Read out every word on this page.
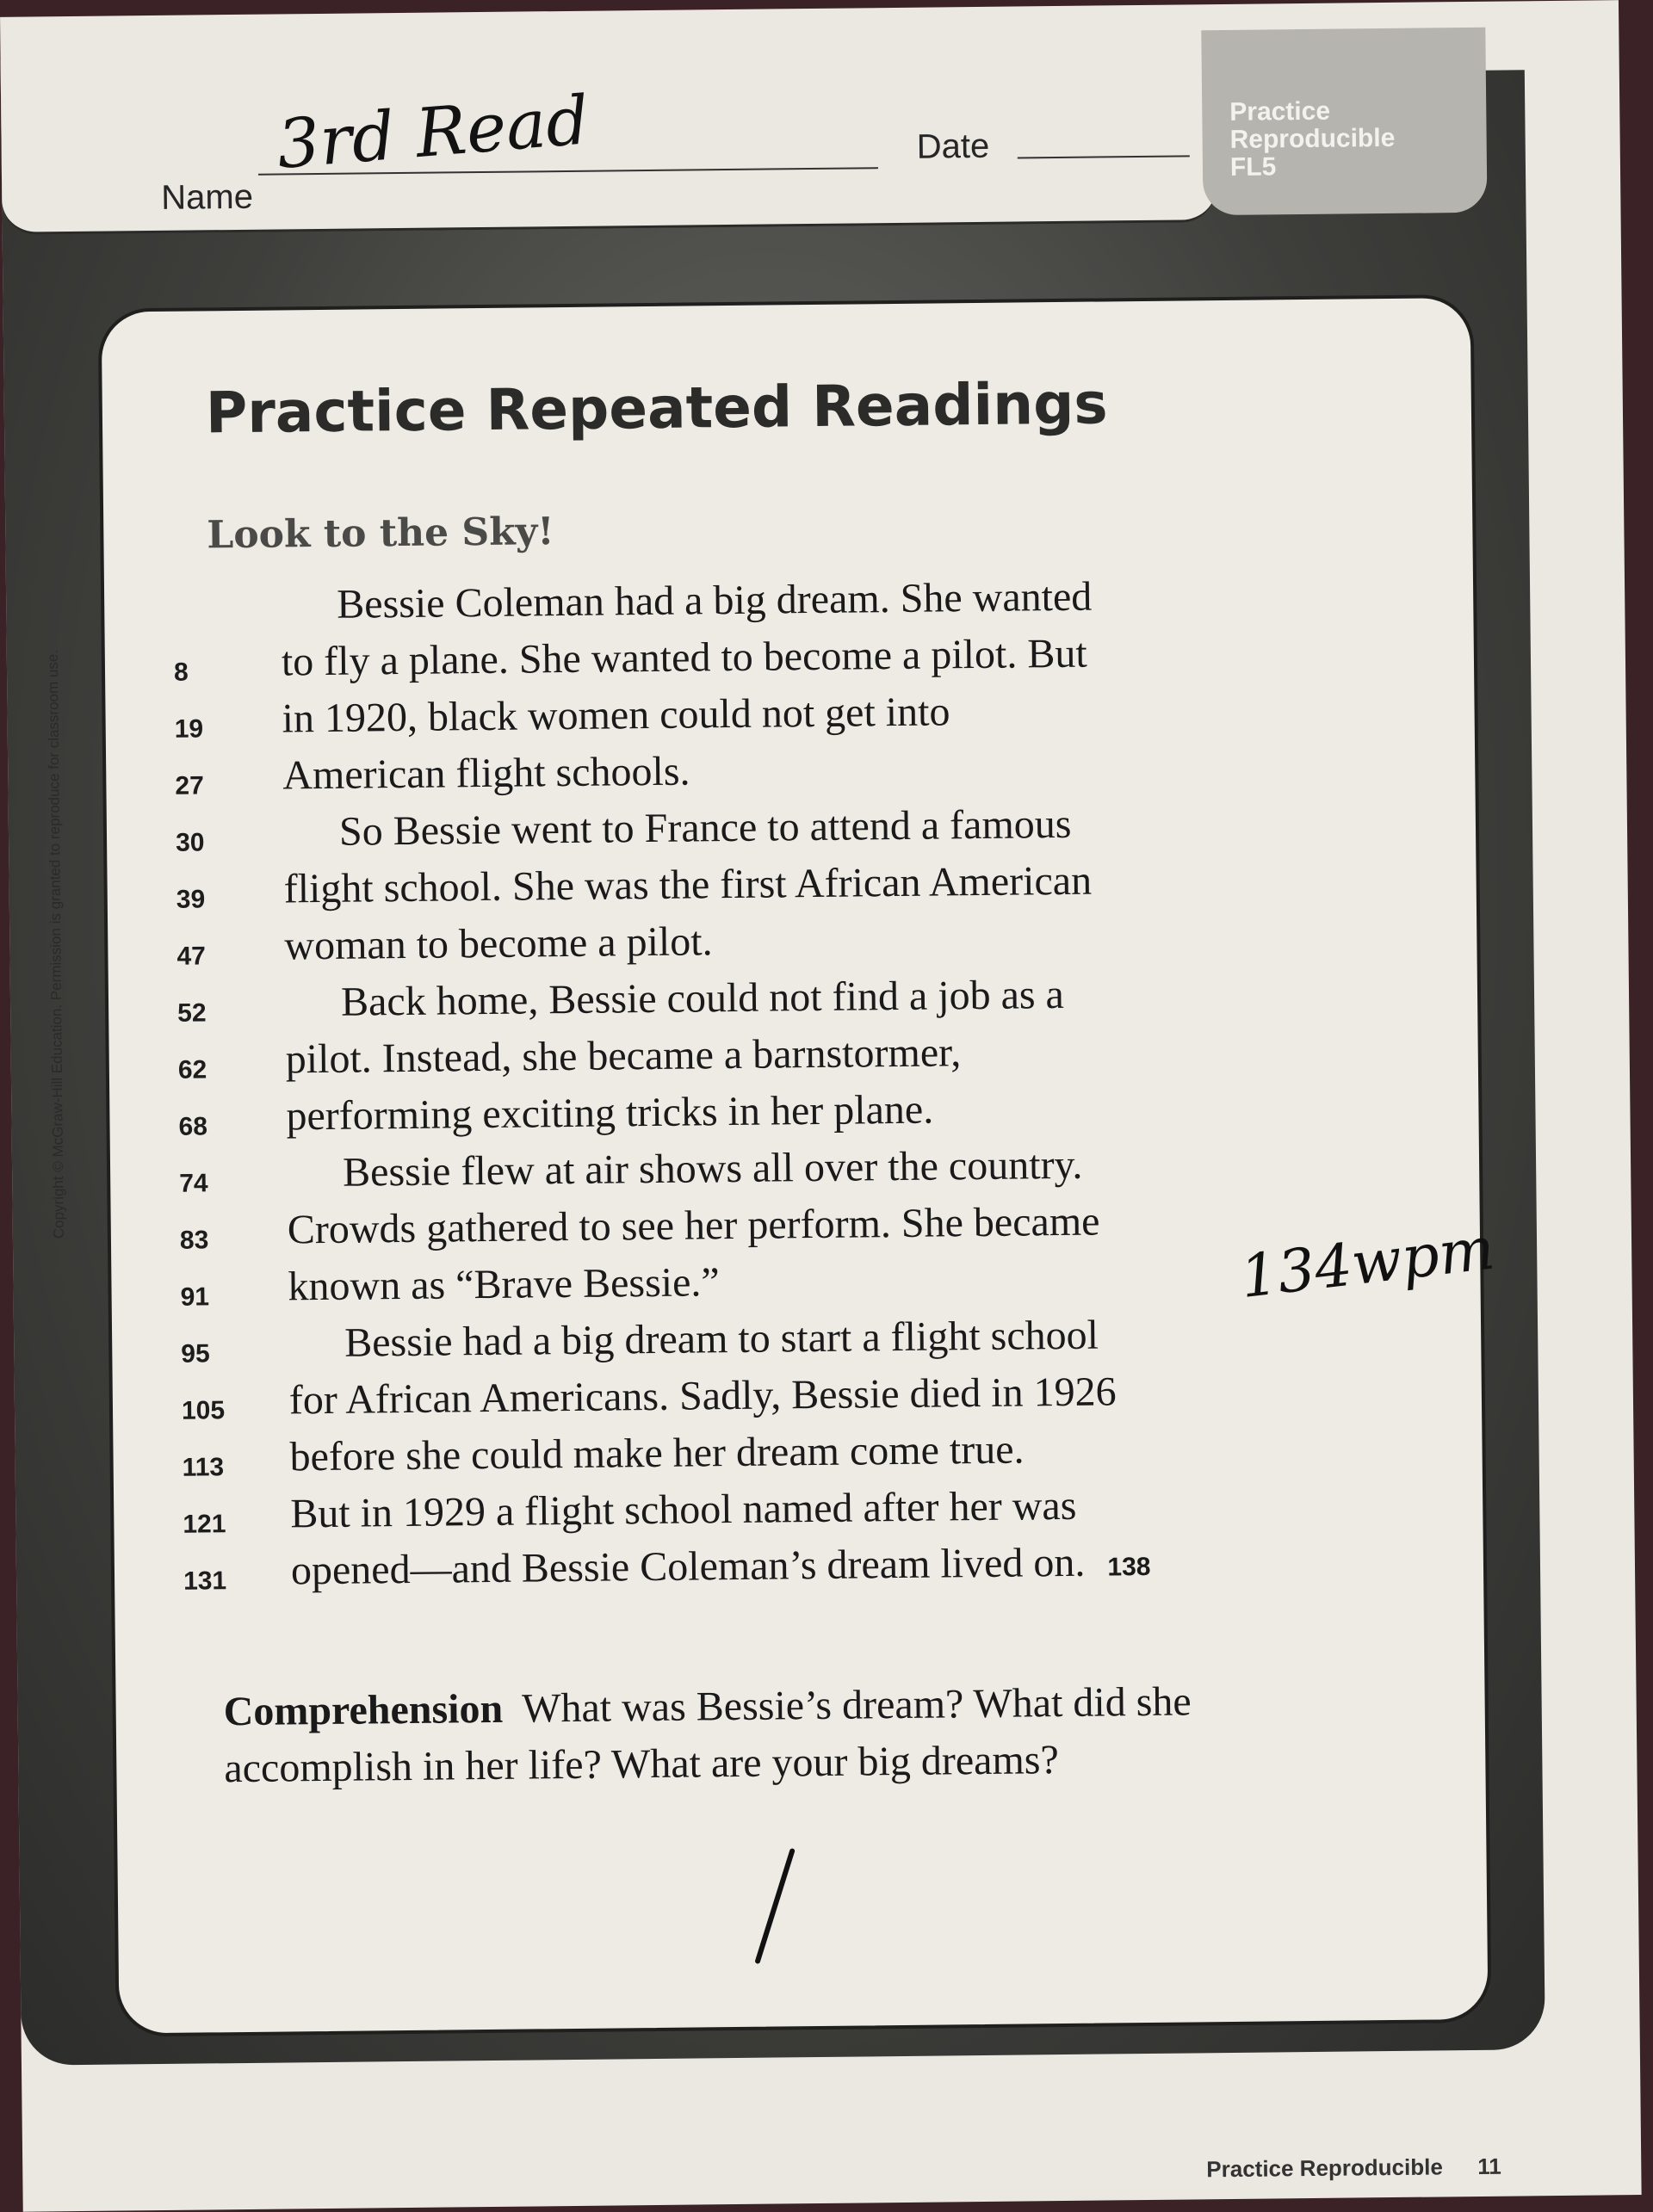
Name
3rd Read	Date
Practice
Reproducible
FL5
Practice Repeated Readings
Look to the Sky!
Bessie Coleman had a big dream. She wanted
8	to fly a plane. She wanted to become a pilot. But
19	in 1920, black women could not get into
27	American flight schools.
30	So Bessie went to France to attend a famous
39	flight school. She was the first African American
47	woman to become a pilot.
52	Back home, Bessie could not find a job as a
62	pilot. Instead, she became a barnstormer,
68	performing exciting tricks in her plane.
74	Bessie flew at air shows all over the country.
83	Crowds gathered to see her perform. She became
91	known as “Brave Bessie.”
95	Bessie had a big dream to start a flight school
105	for African Americans. Sadly, Bessie died in 1926
113	before she could make her dream come true.
121	But in 1929 a flight school named after her was
131	opened—and Bessie Coleman’s dream lived on. 138

Comprehension What was Bessie’s dream? What did she accomplish in her life? What are your big dreams?

134wpm
Copyright © McGraw-Hill Education. Permission is granted to reproduce for classroom use.
Practice Reproducible 11
